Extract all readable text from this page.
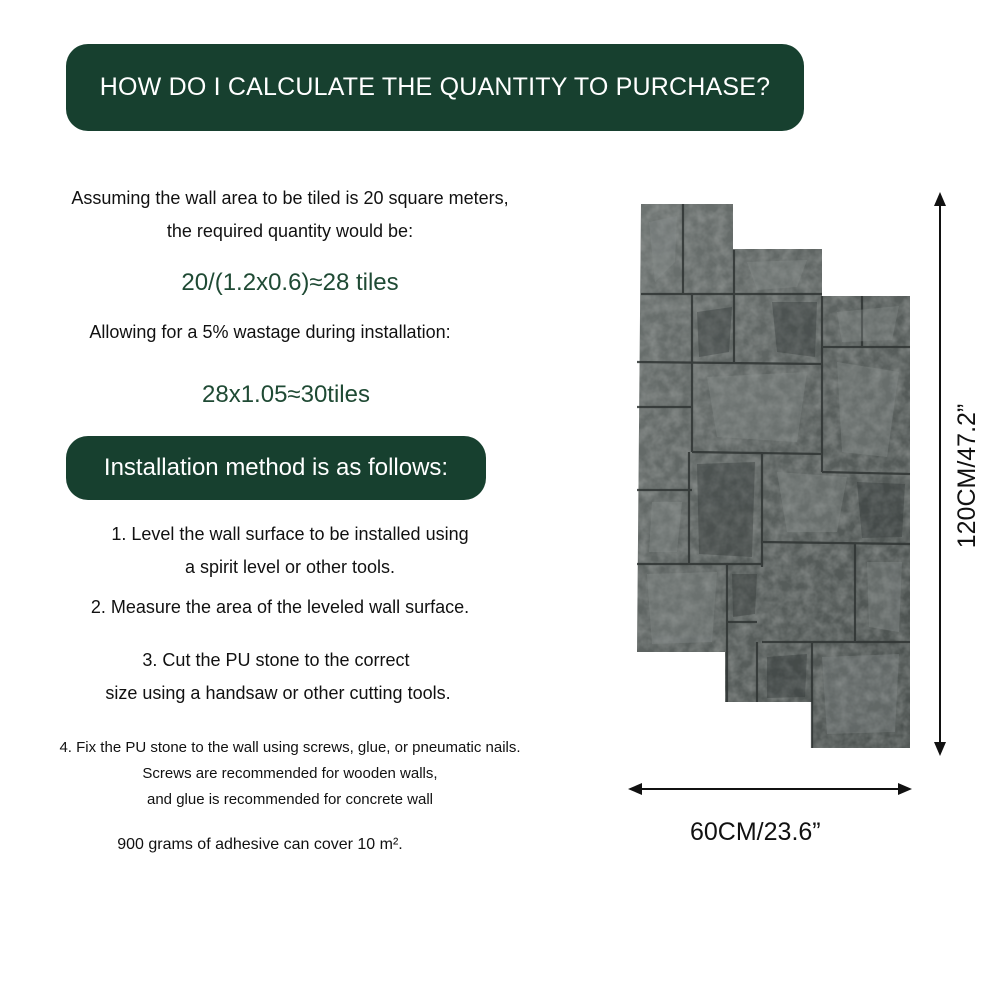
HOW DO I CALCULATE THE QUANTITY TO PURCHASE?
Assuming the wall area to be tiled is 20 square meters,
the required quantity would be:
20/(1.2x0.6)≈28 tiles
Allowing for a 5% wastage during installation:
28x1.05≈30tiles
Installation method is as follows:
1. Level the wall surface to be installed using
a spirit level or other tools.
2. Measure the area of the leveled wall surface.
3. Cut the PU stone to the correct
size using a handsaw or other cutting tools.
4. Fix the PU stone to the wall using screws, glue, or pneumatic nails.
Screws are recommended for wooden walls,
and glue is recommended for concrete wall
900 grams of adhesive can cover 10 m².
120CM/47.2”
60CM/23.6”
